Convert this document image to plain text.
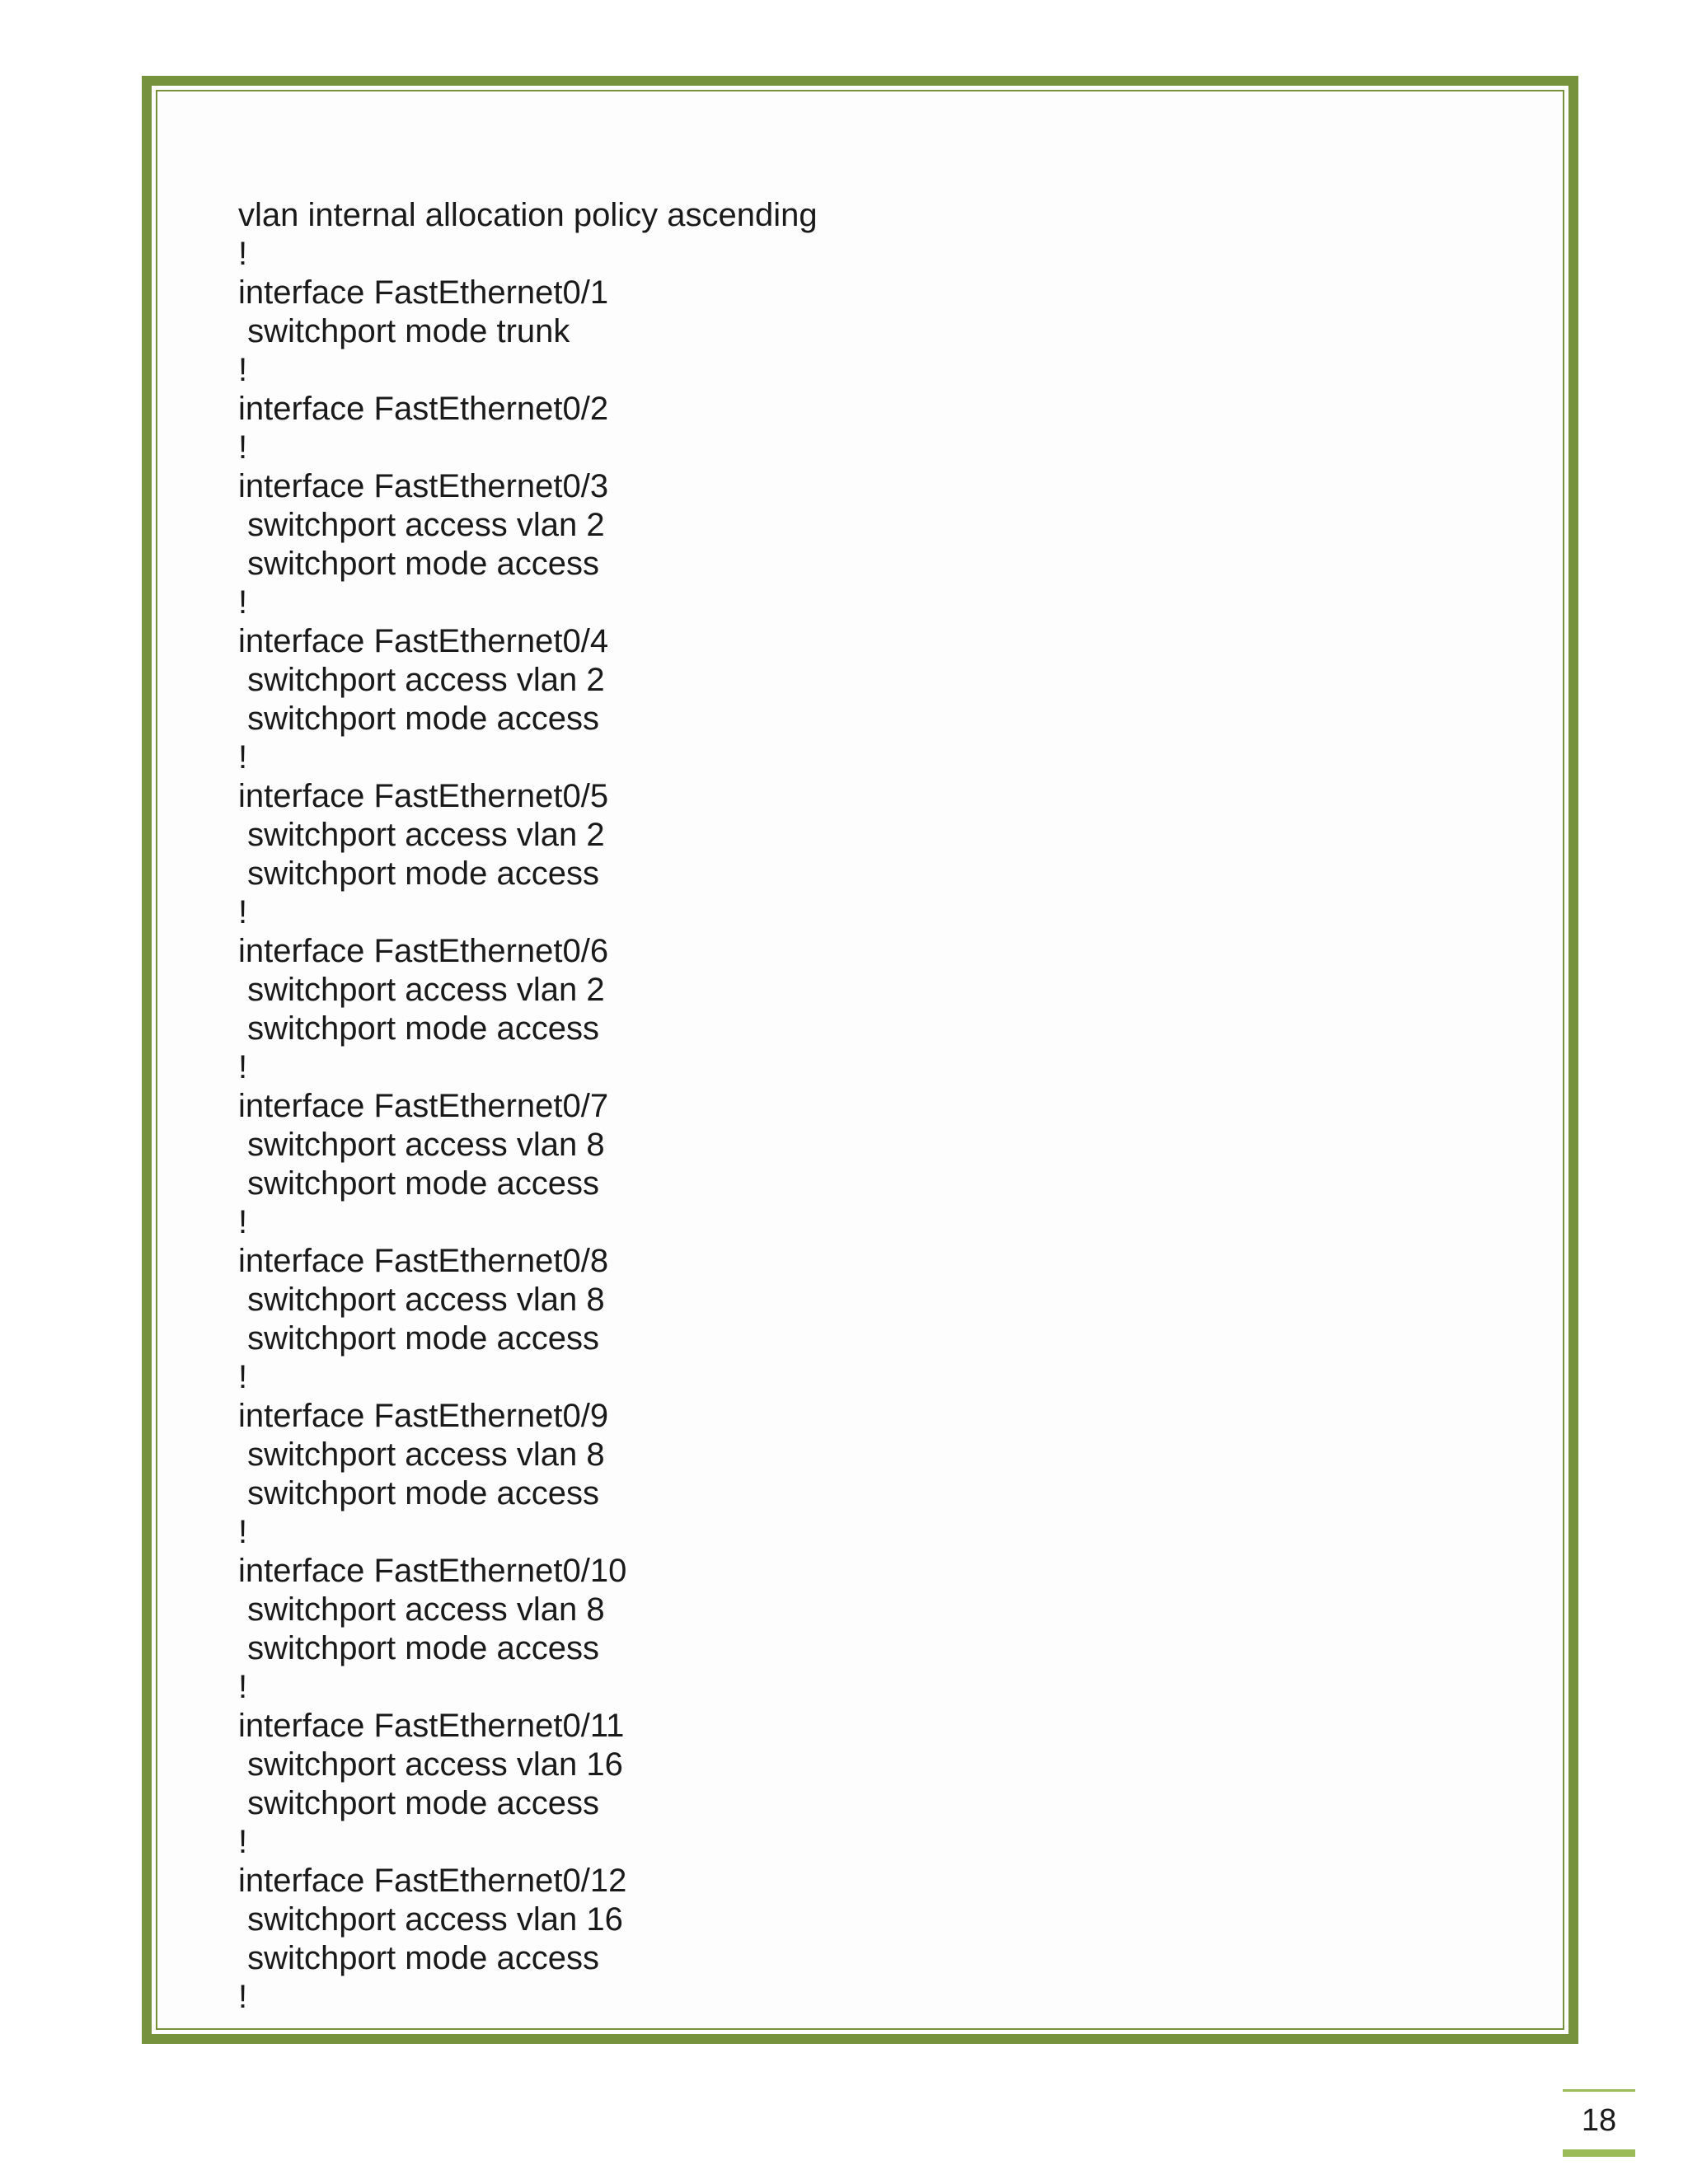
vlan internal allocation policy ascending
!
interface FastEthernet0/1
switchport mode trunk
!
interface FastEthernet0/2
!
interface FastEthernet0/3
switchport access vlan 2
switchport mode access
!
interface FastEthernet0/4
switchport access vlan 2
switchport mode access
!
interface FastEthernet0/5
switchport access vlan 2
switchport mode access
!
interface FastEthernet0/6
switchport access vlan 2
switchport mode access
!
interface FastEthernet0/7
switchport access vlan 8
switchport mode access
!
interface FastEthernet0/8
switchport access vlan 8
switchport mode access
!
interface FastEthernet0/9
switchport access vlan 8
switchport mode access
!
interface FastEthernet0/10
switchport access vlan 8
switchport mode access
!
interface FastEthernet0/11
switchport access vlan 16
switchport mode access
!
interface FastEthernet0/12
switchport access vlan 16
switchport mode access
!
18
